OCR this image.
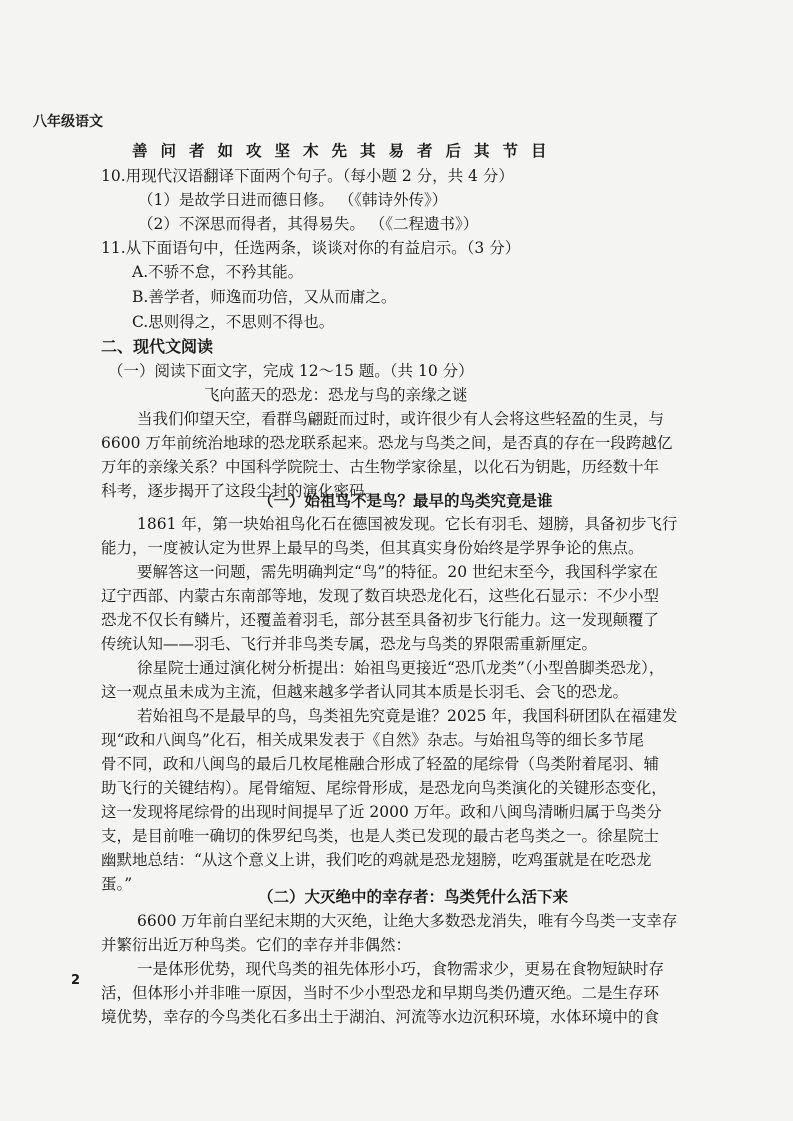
八年级语文
善问者如攻坚木先其易者后其节目
10.用现代汉语翻译下面两个句子。（每小题 2 分，共 4 分）
（1）是故学日进而德日修。 （《韩诗外传》）
（2）不深思而得者，其得易失。 （《二程遗书》）
11.从下面语句中，任选两条，谈谈对你的有益启示。（3 分）
A.不骄不怠，不矜其能。
B.善学者，师逸而功倍，又从而庸之。
C.思则得之，不思则不得也。
二、现代文阅读
（一）阅读下面文字，完成 12～15 题。（共 10 分）
飞向蓝天的恐龙：恐龙与鸟的亲缘之谜
当我们仰望天空，看群鸟翩跹而过时，或许很少有人会将这些轻盈的生灵，与
6600 万年前统治地球的恐龙联系起来。恐龙与鸟类之间，是否真的存在一段跨越亿
万年的亲缘关系？中国科学院院士、古生物学家徐星，以化石为钥匙，历经数十年
科考，逐步揭开了这段尘封的演化密码。
（一）始祖鸟不是鸟？最早的鸟类究竟是谁
1861 年，第一块始祖鸟化石在德国被发现。它长有羽毛、翅膀，具备初步飞行
能力，一度被认定为世界上最早的鸟类，但其真实身份始终是学界争论的焦点。
要解答这一问题，需先明确判定“鸟”的特征。20 世纪末至今，我国科学家在
辽宁西部、内蒙古东南部等地，发现了数百块恐龙化石，这些化石显示：不少小型
恐龙不仅长有鳞片，还覆盖着羽毛，部分甚至具备初步飞行能力。这一发现颠覆了
传统认知——羽毛、飞行并非鸟类专属，恐龙与鸟类的界限需重新厘定。
徐星院士通过演化树分析提出：始祖鸟更接近“恐爪龙类”（小型兽脚类恐龙），
这一观点虽未成为主流，但越来越多学者认同其本质是长羽毛、会飞的恐龙。
若始祖鸟不是最早的鸟，鸟类祖先究竟是谁？2025 年，我国科研团队在福建发
现“政和八闽鸟”化石，相关成果发表于《自然》杂志。与始祖鸟等的细长多节尾
骨不同，政和八闽鸟的最后几枚尾椎融合形成了轻盈的尾综骨（鸟类附着尾羽、辅
助飞行的关键结构）。尾骨缩短、尾综骨形成，是恐龙向鸟类演化的关键形态变化，
这一发现将尾综骨的出现时间提早了近 2000 万年。政和八闽鸟清晰归属于鸟类分
支，是目前唯一确切的侏罗纪鸟类，也是人类已发现的最古老鸟类之一。徐星院士
幽默地总结：“从这个意义上讲，我们吃的鸡就是恐龙翅膀，吃鸡蛋就是在吃恐龙
蛋。”
（二）大灭绝中的幸存者：鸟类凭什么活下来
6600 万年前白垩纪末期的大灭绝，让绝大多数恐龙消失，唯有今鸟类一支幸存
并繁衍出近万种鸟类。它们的幸存并非偶然：
一是体形优势，现代鸟类的祖先体形小巧，食物需求少，更易在食物短缺时存
活，但体形小并非唯一原因，当时不少小型恐龙和早期鸟类仍遭灭绝。二是生存环
境优势，幸存的今鸟类化石多出土于湖泊、河流等水边沉积环境，水体环境中的食
2
